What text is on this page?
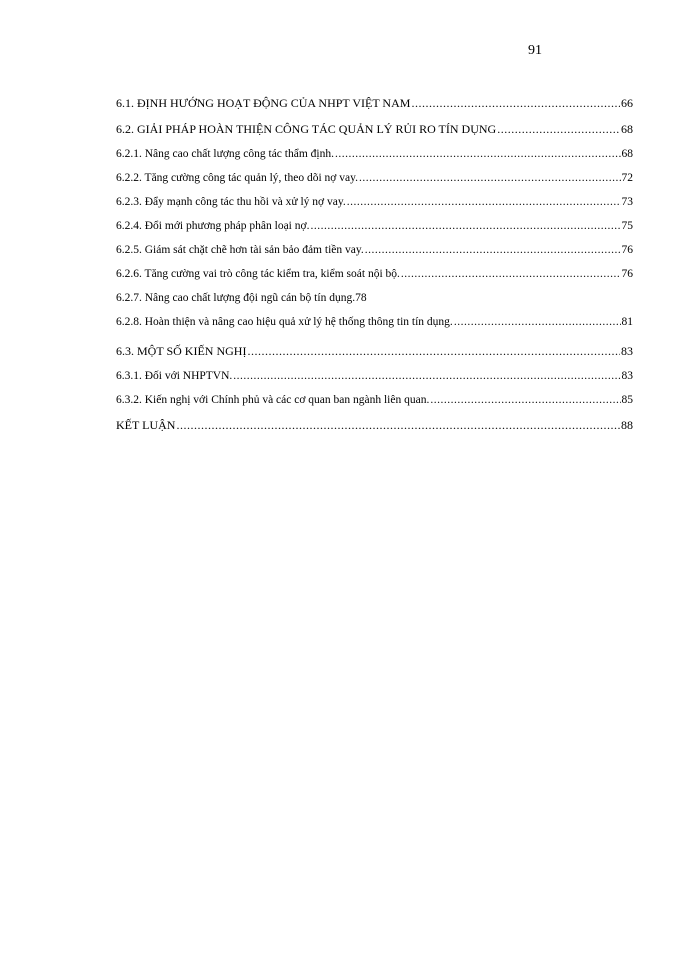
91
6.1. ĐỊNH HƯỚNG HOẠT ĐỘNG CỦA NHPT VIỆT NAM .....	66
6.2. GIẢI PHÁP HOÀN THIỆN CÔNG TÁC QUẢN LÝ RỦI RO TÍN DỤNG .....	68
6.2.1. Nâng cao chất lượng công tác thẩm định. .....	68
6.2.2. Tăng cường công tác quản lý, theo dõi nợ vay. .....	72
6.2.3. Đẩy mạnh công tác thu hồi và xử lý nợ vay. .....	73
6.2.4. Đổi mới phương pháp phân loại nợ. .....	75
6.2.5. Giám sát chặt chẽ hơn tài sản bảo đảm tiền vay. .....	76
6.2.6. Tăng cường vai trò công tác kiểm tra, kiểm soát nội bộ. .....	76
6.2.7. Nâng cao chất lượng đội ngũ cán bộ tín dụng. 78
6.2.8. Hoàn thiện và nâng cao hiệu quả xử lý hệ thống thông tin tín dụng. .....	81
6.3. MỘT SỐ KIẾN NGHỊ .....	83
6.3.1. Đối với NHPTVN. .....	83
6.3.2. Kiến nghị với Chính phủ và các cơ quan ban ngành liên quan. .....	85
KẾT LUẬN .....	88
